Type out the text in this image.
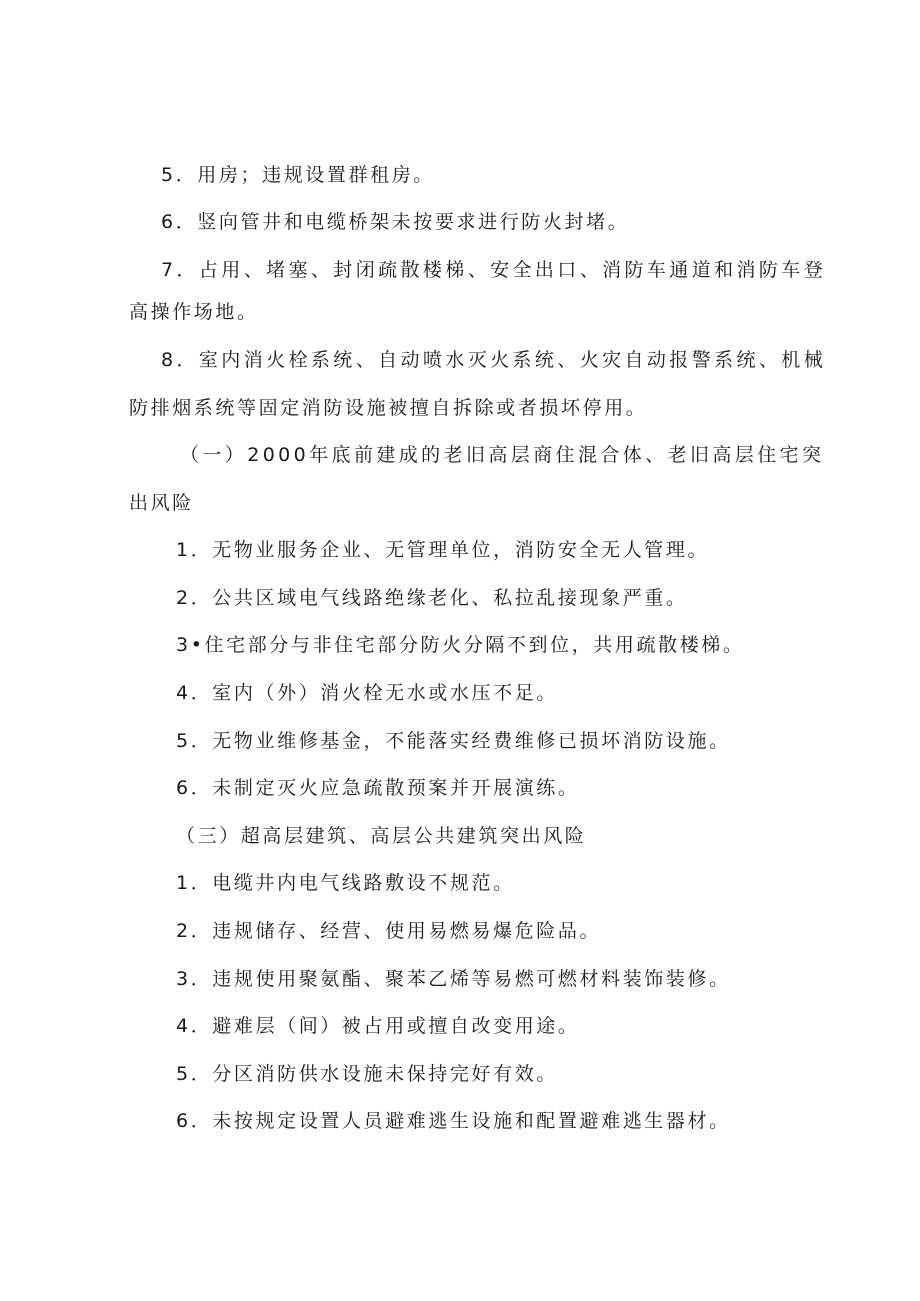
5．用房；违规设置群租房。
6．竖向管井和电缆桥架未按要求进行防火封堵。
7．占用、堵塞、封闭疏散楼梯、安全出口、消防车通道和消防车登
高操作场地。
8．室内消火栓系统、自动喷水灭火系统、火灾自动报警系统、机械
防排烟系统等固定消防设施被擅自拆除或者损坏停用。
（一）2000年底前建成的老旧高层商住混合体、老旧高层住宅突
出风险
1．无物业服务企业、无管理单位，消防安全无人管理。
2．公共区域电气线路绝缘老化、私拉乱接现象严重。
3•住宅部分与非住宅部分防火分隔不到位，共用疏散楼梯。
4．室内（外）消火栓无水或水压不足。
5．无物业维修基金，不能落实经费维修已损坏消防设施。
6．未制定灭火应急疏散预案并开展演练。
（三）超高层建筑、高层公共建筑突出风险
1．电缆井内电气线路敷设不规范。
2．违规储存、经营、使用易燃易爆危险品。
3．违规使用聚氨酯、聚苯乙烯等易燃可燃材料装饰装修。
4．避难层（间）被占用或擅自改变用途。
5．分区消防供水设施未保持完好有效。
6．未按规定设置人员避难逃生设施和配置避难逃生器材。
